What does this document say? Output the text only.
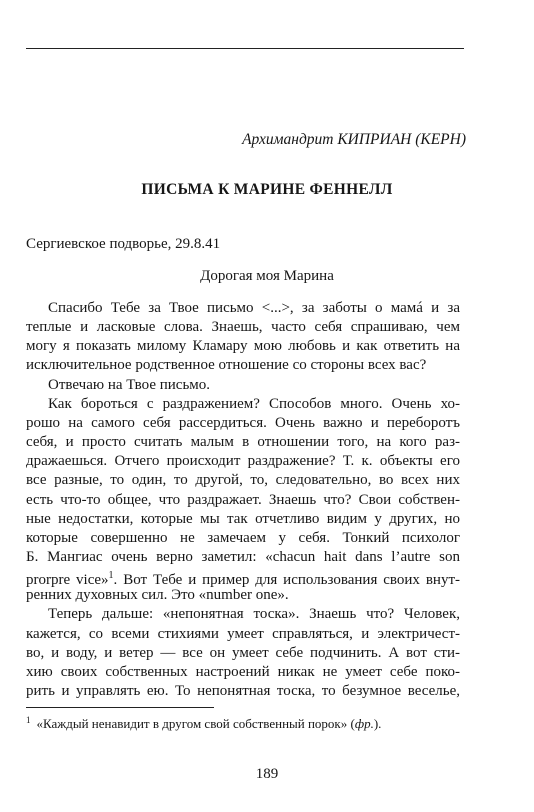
Архимандрит КИПРИАН (КЕРН)
ПИСЬМА К МАРИНЕ ФЕННЕЛЛ
Сергиевское подворье, 29.8.41
Дорогая моя Марина
Спасибо Тебе за Твое письмо <...>, за заботы о мамá и за
теплые и ласковые слова. Знаешь, часто себя спрашиваю, чем
могу я показать милому Кламару мою любовь и как ответить на
исключительное родственное отношение со стороны всех вас?
Отвечаю на Твое письмо.
Как бороться с раздражением? Способов много. Очень хо-
рошо на самого себя рассердиться. Очень важно и переборотъ
себя, и просто считать малым в отношении того, на кого раз-
дражаешься. Отчего происходит раздражение? Т. к. объекты его
все разные, то один, то другой, то, следовательно, во всех них
есть что-то общее, что раздражает. Знаешь что? Свои собствен-
ные недостатки, которые мы так отчетливо видим у других, но
которые совершенно не замечаем у себя. Тонкий психолог
Б. Мангиас очень верно заметил: «chacun hait dans l’autre son
prorpre vice»$^1$. Вот Тебе и пример для использования своих внут-
ренних духовных сил. Это «number one».
Теперь дальше: «непонятная тоска». Знаешь что? Человек,
кажется, со всеми стихиями умеет справляться, и электричест-
во, и воду, и ветер — все он умеет себе подчинить. А вот сти-
хию своих собственных настроений никак не умеет себе поко-
рить и управлять ею. То непонятная тоска, то безумное веселье,
$^1$ «Каждый ненавидит в другом свой собственный порок» (фр.).
189
